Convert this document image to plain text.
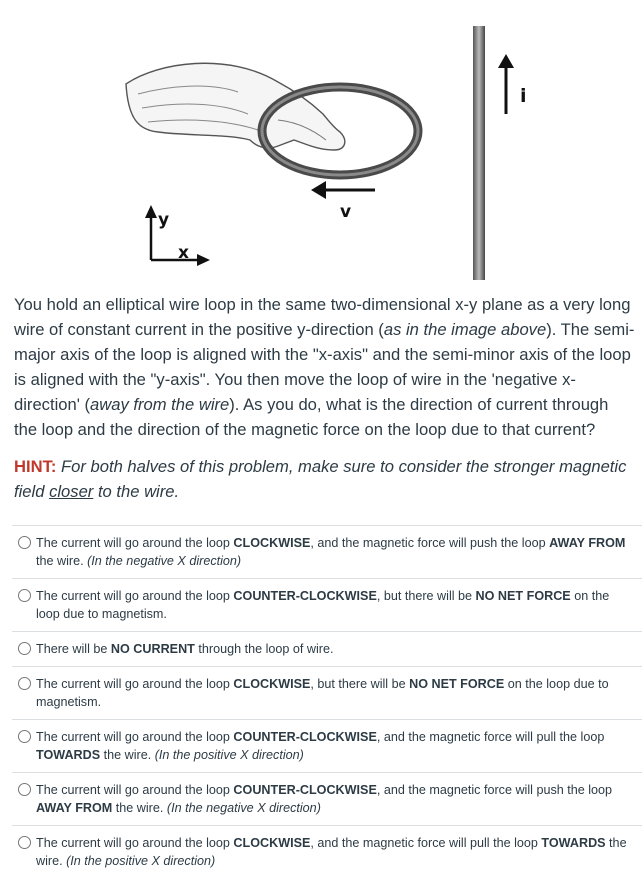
v
i
y
x
You hold an elliptical wire loop in the same two-dimensional x-y plane as a very long wire of constant current in the positive y-direction (as in the image above). The semi-major axis of the loop is aligned with the "x-axis" and the semi-minor axis of the loop is aligned with the "y-axis". You then move the loop of wire in the 'negative x-direction' (away from the wire). As you do, what is the direction of current through the loop and the direction of the magnetic force on the loop due to that current?
HINT: For both halves of this problem, make sure to consider the stronger magnetic field closer to the wire.
The current will go around the loop CLOCKWISE, and the magnetic force will push the loop AWAY FROM the wire. (In the negative X direction)
The current will go around the loop COUNTER-CLOCKWISE, but there will be NO NET FORCE on the loop due to magnetism.
There will be NO CURRENT through the loop of wire.
The current will go around the loop CLOCKWISE, but there will be NO NET FORCE on the loop due to magnetism.
The current will go around the loop COUNTER-CLOCKWISE, and the magnetic force will pull the loop TOWARDS the wire. (In the positive X direction)
The current will go around the loop COUNTER-CLOCKWISE, and the magnetic force will push the loop AWAY FROM the wire. (In the negative X direction)
The current will go around the loop CLOCKWISE, and the magnetic force will pull the loop TOWARDS the wire. (In the positive X direction)
